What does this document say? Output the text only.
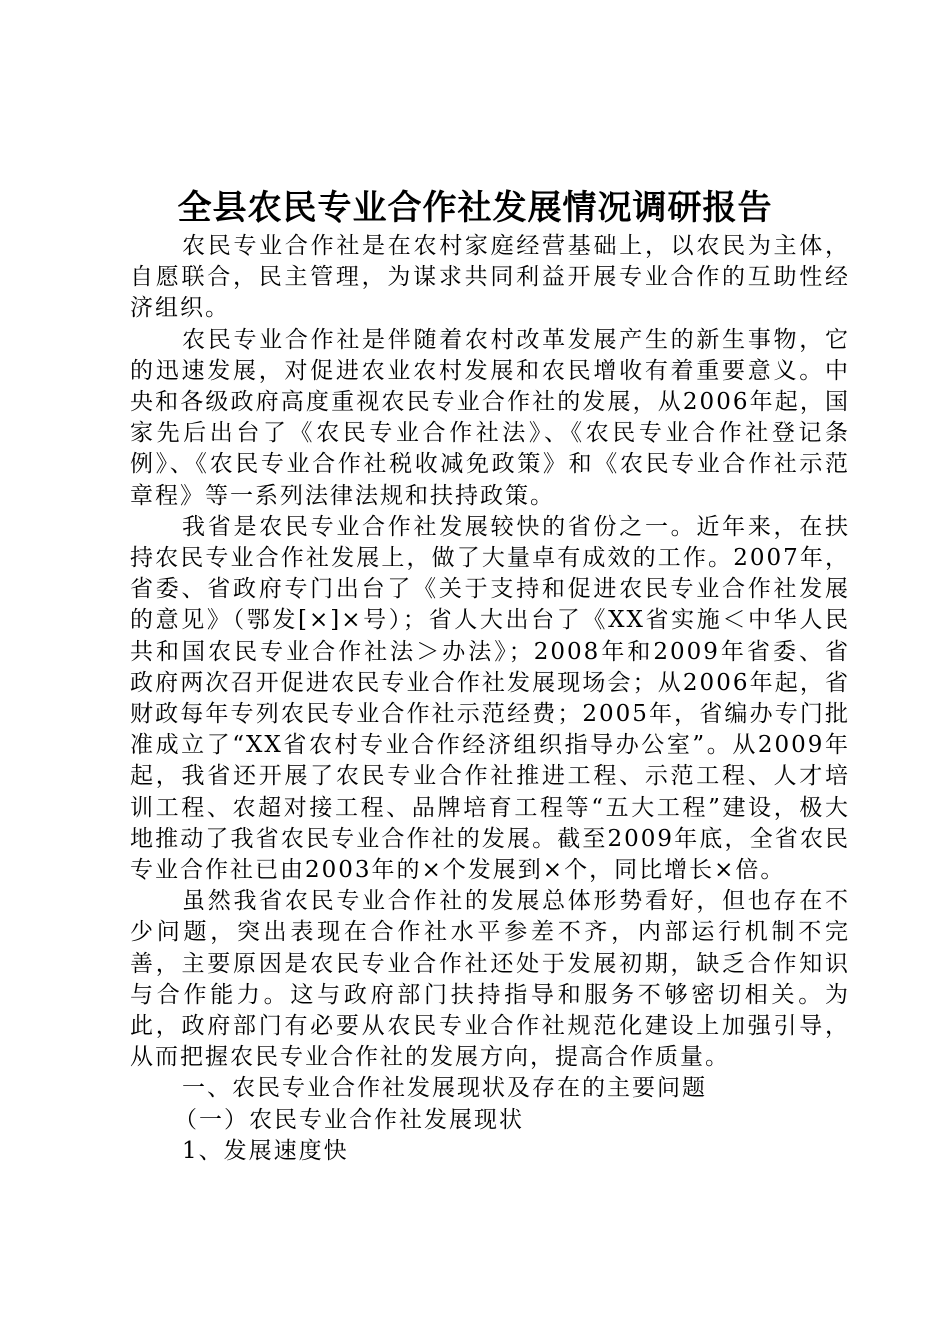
全县农民专业合作社发展情况调研报告

农民专业合作社是在农村家庭经营基础上，以农民为主体，自愿联合，民主管理，为谋求共同利益开展专业合作的互助性经济组织。

农民专业合作社是伴随着农村改革发展产生的新生事物，它的迅速发展，对促进农业农村发展和农民增收有着重要意义。中央和各级政府高度重视农民专业合作社的发展，从2006年起，国家先后出台了《农民专业合作社法》、《农民专业合作社登记条例》、《农民专业合作社税收减免政策》和《农民专业合作社示范章程》等一系列法律法规和扶持政策。

我省是农民专业合作社发展较快的省份之一。近年来，在扶持农民专业合作社发展上，做了大量卓有成效的工作。2007年，省委、省政府专门出台了《关于支持和促进农民专业合作社发展的意见》（鄂发[×]×号）；省人大出台了《XX省实施＜中华人民共和国农民专业合作社法＞办法》；2008年和2009年省委、省政府两次召开促进农民专业合作社发展现场会；从2006年起，省财政每年专列农民专业合作社示范经费；2005年，省编办专门批准成立了“XX省农村专业合作经济组织指导办公室”。从2009年起，我省还开展了农民专业合作社推进工程、示范工程、人才培训工程、农超对接工程、品牌培育工程等“五大工程”建设，极大地推动了我省农民专业合作社的发展。截至2009年底，全省农民专业合作社已由2003年的×个发展到×个，同比增长×倍。

虽然我省农民专业合作社的发展总体形势看好，但也存在不少问题，突出表现在合作社水平参差不齐，内部运行机制不完善，主要原因是农民专业合作社还处于发展初期，缺乏合作知识与合作能力。这与政府部门扶持指导和服务不够密切相关。为此，政府部门有必要从农民专业合作社规范化建设上加强引导，从而把握农民专业合作社的发展方向，提高合作质量。

一、农民专业合作社发展现状及存在的主要问题

（一）农民专业合作社发展现状

1、发展速度快
